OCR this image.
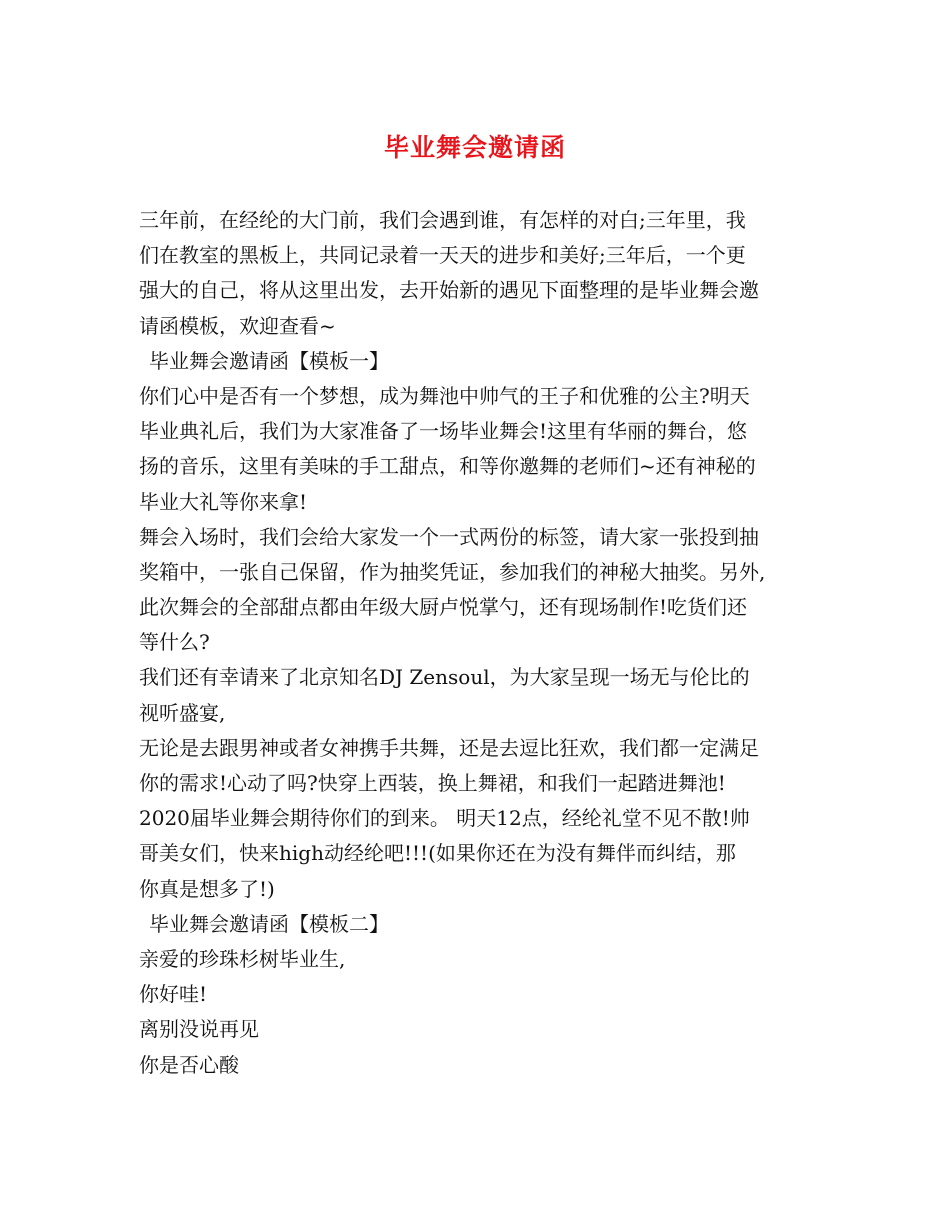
毕业舞会邀请函
三年前，在经纶的大门前，我们会遇到谁，有怎样的对白;三年里，我
们在教室的黑板上，共同记录着一天天的进步和美好;三年后，一个更
强大的自己，将从这里出发，去开始新的遇见下面整理的是毕业舞会邀
请函模板，欢迎查看~
毕业舞会邀请函【模板一】
你们心中是否有一个梦想，成为舞池中帅气的王子和优雅的公主?明天
毕业典礼后，我们为大家准备了一场毕业舞会!这里有华丽的舞台，悠
扬的音乐，这里有美味的手工甜点，和等你邀舞的老师们~还有神秘的
毕业大礼等你来拿!
舞会入场时，我们会给大家发一个一式两份的标签，请大家一张投到抽
奖箱中，一张自己保留，作为抽奖凭证，参加我们的神秘大抽奖。另外,
此次舞会的全部甜点都由年级大厨卢悦掌勺，还有现场制作!吃货们还
等什么?
我们还有幸请来了北京知名DJ Zensoul，为大家呈现一场无与伦比的
视听盛宴,
无论是去跟男神或者女神携手共舞，还是去逗比狂欢，我们都一定满足
你的需求!心动了吗?快穿上西装，换上舞裙，和我们一起踏进舞池!
2020届毕业舞会期待你们的到来。 明天12点，经纶礼堂不见不散!帅
哥美女们，快来high动经纶吧!!!(如果你还在为没有舞伴而纠结，那
你真是想多了!)
毕业舞会邀请函【模板二】
亲爱的珍珠杉树毕业生,
你好哇!
离别没说再见
你是否心酸
